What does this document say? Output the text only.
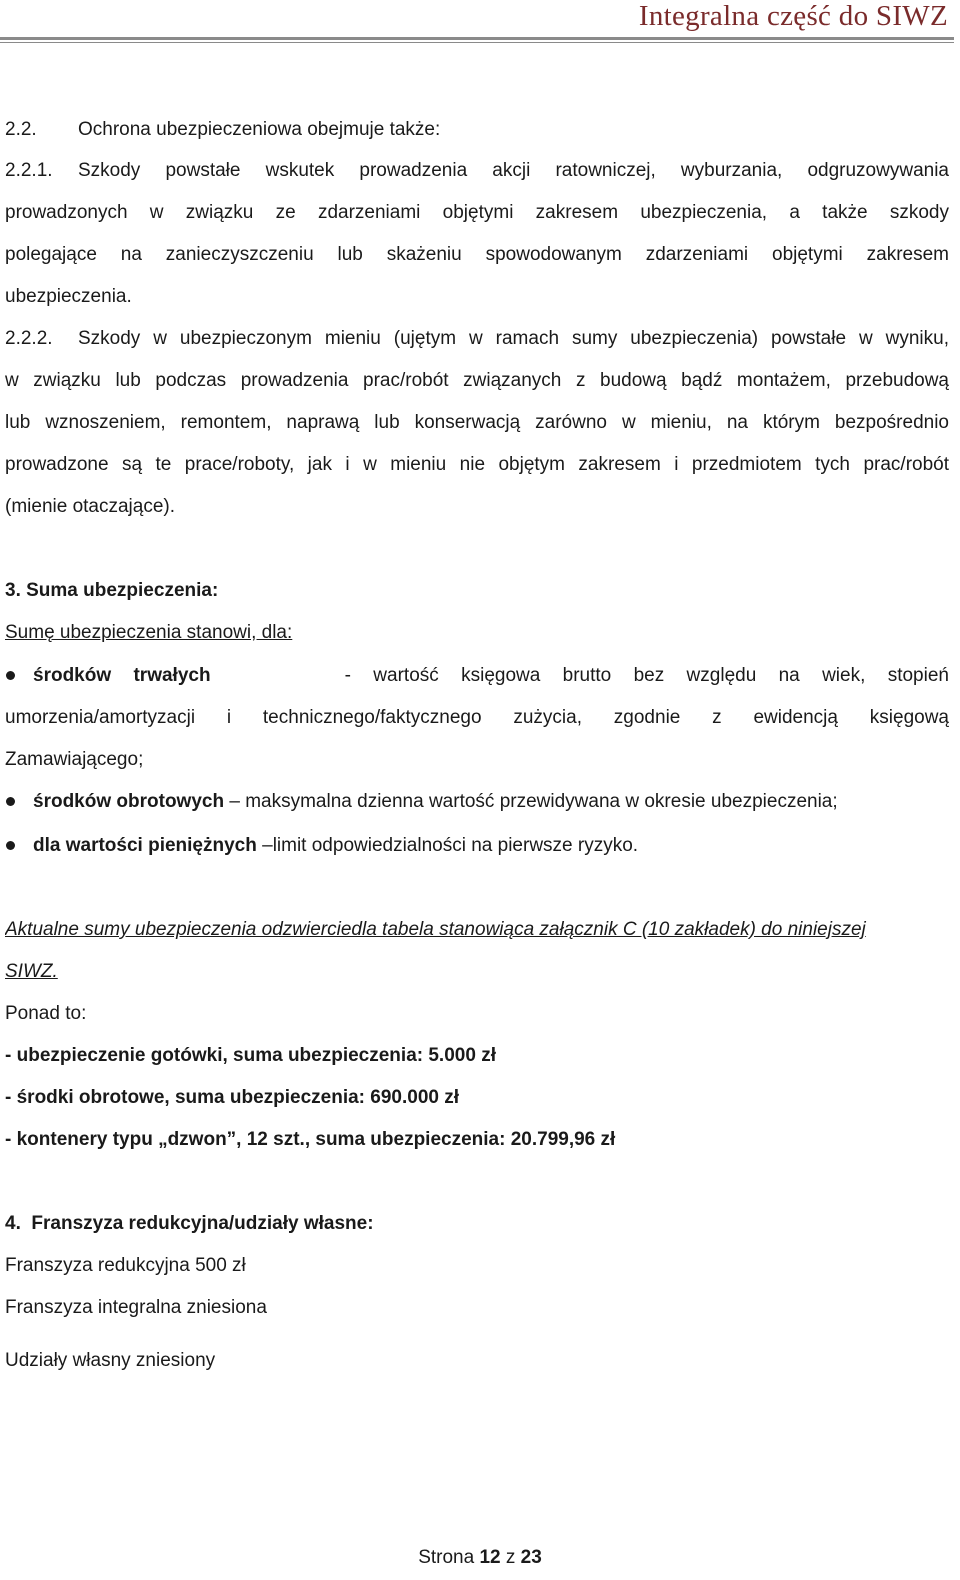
Integralna część do SIWZ
2.2. Ochrona ubezpieczeniowa obejmuje także:
2.2.1. Szkody powstałe wskutek prowadzenia akcji ratowniczej, wyburzania, odgruzowywania
prowadzonych w związku ze zdarzeniami objętymi zakresem ubezpieczenia, a także szkody
polegające na zanieczyszczeniu lub skażeniu spowodowanym zdarzeniami objętymi zakresem
ubezpieczenia.
2.2.2. Szkody w ubezpieczonym mieniu (ujętym w ramach sumy ubezpieczenia) powstałe w wyniku,
w związku lub podczas prowadzenia prac/robót związanych z budową bądź montażem, przebudową
lub wznoszeniem, remontem, naprawą lub konserwacją zarówno w mieniu, na którym bezpośrednio
prowadzone są te prace/roboty, jak i w mieniu nie objętym zakresem i przedmiotem tych prac/robót
(mienie otaczające).
3. Suma ubezpieczenia:
Sumę ubezpieczenia stanowi, dla:
środków trwałych	- wartość księgowa brutto bez względu na wiek, stopień
umorzenia/amortyzacji i technicznego/faktycznego zużycia, zgodnie z ewidencją księgową
Zamawiającego;
środków obrotowych – maksymalna dzienna wartość przewidywana w okresie ubezpieczenia;
dla wartości pieniężnych –limit odpowiedzialności na pierwsze ryzyko.
Aktualne sumy ubezpieczenia odzwierciedla tabela stanowiąca załącznik C (10 zakładek) do niniejszej
SIWZ.
Ponad to:
- ubezpieczenie gotówki, suma ubezpieczenia: 5.000 zł
- środki obrotowe, suma ubezpieczenia: 690.000 zł
- kontenery typu „dzwon”, 12 szt., suma ubezpieczenia: 20.799,96 zł
4.  Franszyza redukcyjna/udziały własne:
Franszyza redukcyjna 500 zł
Franszyza integralna zniesiona
Udziały własny zniesiony
Strona 12 z 23
